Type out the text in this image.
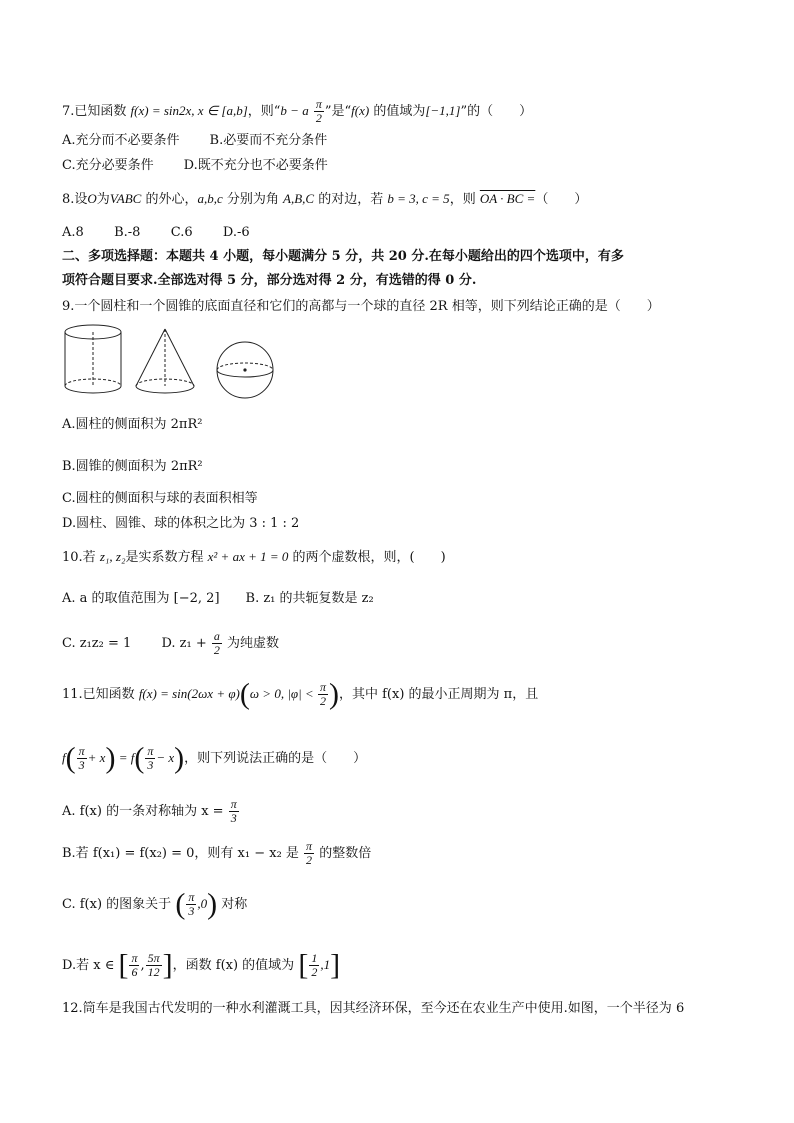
7.已知函数 f(x) = sin2x, x ∈ [a,b]，则“b − a $\frac{\pi}{2}$ ”是“f(x) 的值域为[−1,1]”的（　　）
A.充分而不必要条件 B.必要而不充分条件
C.充分必要条件 D.既不充分也不必要条件
8.设O为VABC 的外心，a,b,c 分别为角 A,B,C 的对边，若 b = 3, c = 5，则 OA · BC =（　　）
A.8 B.-8 C.6 D.-6
二、多项选择题：本题共 4 小题，每小题满分 5 分，共 20 分.在每小题给出的四个选项中，有多
项符合题目要求.全部选对得 5 分，部分选对得 2 分，有选错的得 0 分.
9.一个圆柱和一个圆锥的底面直径和它们的高都与一个球的直径 2R 相等，则下列结论正确的是（　　）
A.圆柱的侧面积为 2πR²
B.圆锥的侧面积为 2πR²
C.圆柱的侧面积与球的表面积相等
D.圆柱、圆锥、球的体积之比为 3 : 1 : 2
10.若 z₁, z₂是实系数方程 x² + ax + 1 = 0 的两个虚数根，则，(　　)
A. a 的取值范围为 [−2, 2] B. z₁ 的共轭复数是 z₂
C. z₁z₂ = 1 D. $z_1 + \frac{a}{2}$ 为纯虚数
11.已知函数 f(x) = sin(2ωx + φ)(ω > 0, $|\varphi| < \frac{\pi}{2}$ )，其中 f(x) 的最小正周期为 π，且
$f( \frac{\pi}{3} + x) = f( \frac{\pi}{3} - x)$，则下列说法正确的是（　　）
A. f(x) 的一条对称轴为 $x = \frac{\pi}{3}$
B.若 f(x₁) = f(x₂) = 0，则有 x₁ − x₂ 是 $\frac{\pi}{2}$ 的整数倍
C. f(x) 的图象关于 ( $\frac{\pi}{3} ,0$) 对称
D.若 x ∈ [ $\frac{\pi}{6}$ , $\frac{5\pi}{12}$ ]，函数 f(x) 的值域为 [ $\frac{1}{2} ,1$]
12.筒车是我国古代发明的一种水利灌溉工具，因其经济环保，至今还在农业生产中使用.如图，一个半径为 6
